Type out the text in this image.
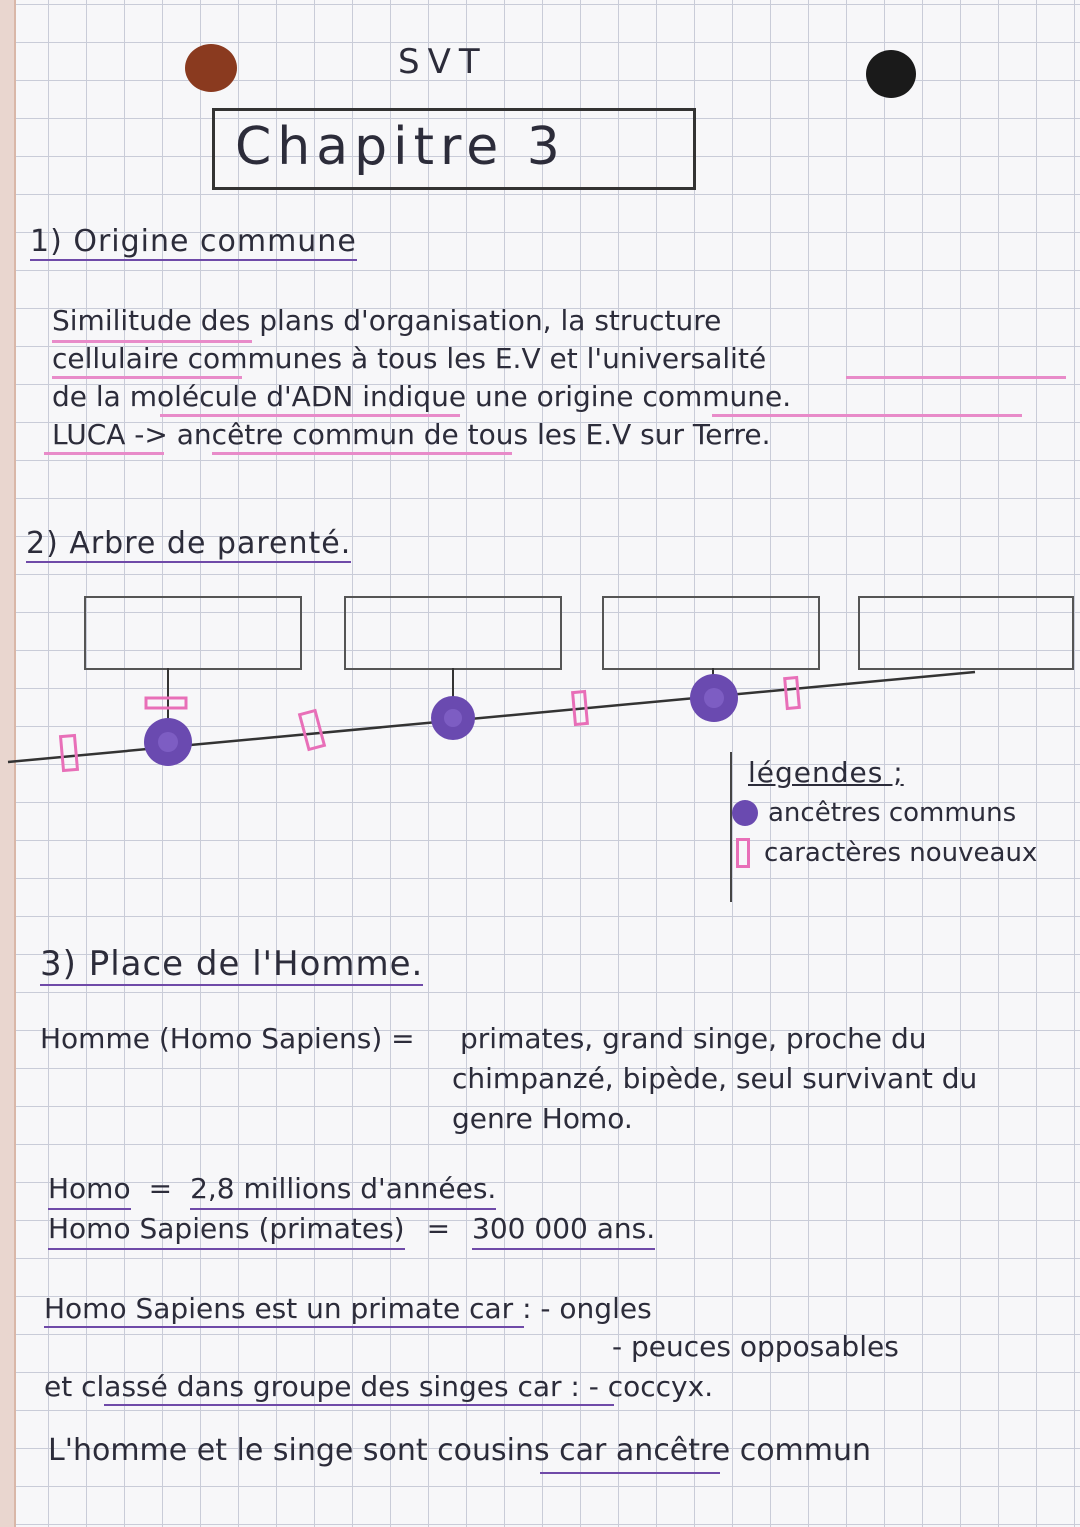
SVT
Chapitre 3
1) Origine commune
Similitude des plans d'organisation, la structure
cellulaire communes à tous les E.V et l'universalité
de la molécule d'ADN indique une origine commune.
LUCA -> ancêtre commun de tous les E.V sur Terre.
2) Arbre de parenté.
légendes ;
ancêtres communs
caractères nouveaux
3) Place de l'Homme.
Homme (Homo Sapiens) = primates, grand singe, proche du
chimpanzé, bipède, seul survivant du
genre Homo.
Homo = 2,8 millions d'années.
Homo Sapiens (primates) = 300 000 ans.
Homo Sapiens est un primate car : - ongles
- peuces opposables
et classé dans groupe des singes car : - coccyx.
L'homme et le singe sont cousins car ancêtre commun
